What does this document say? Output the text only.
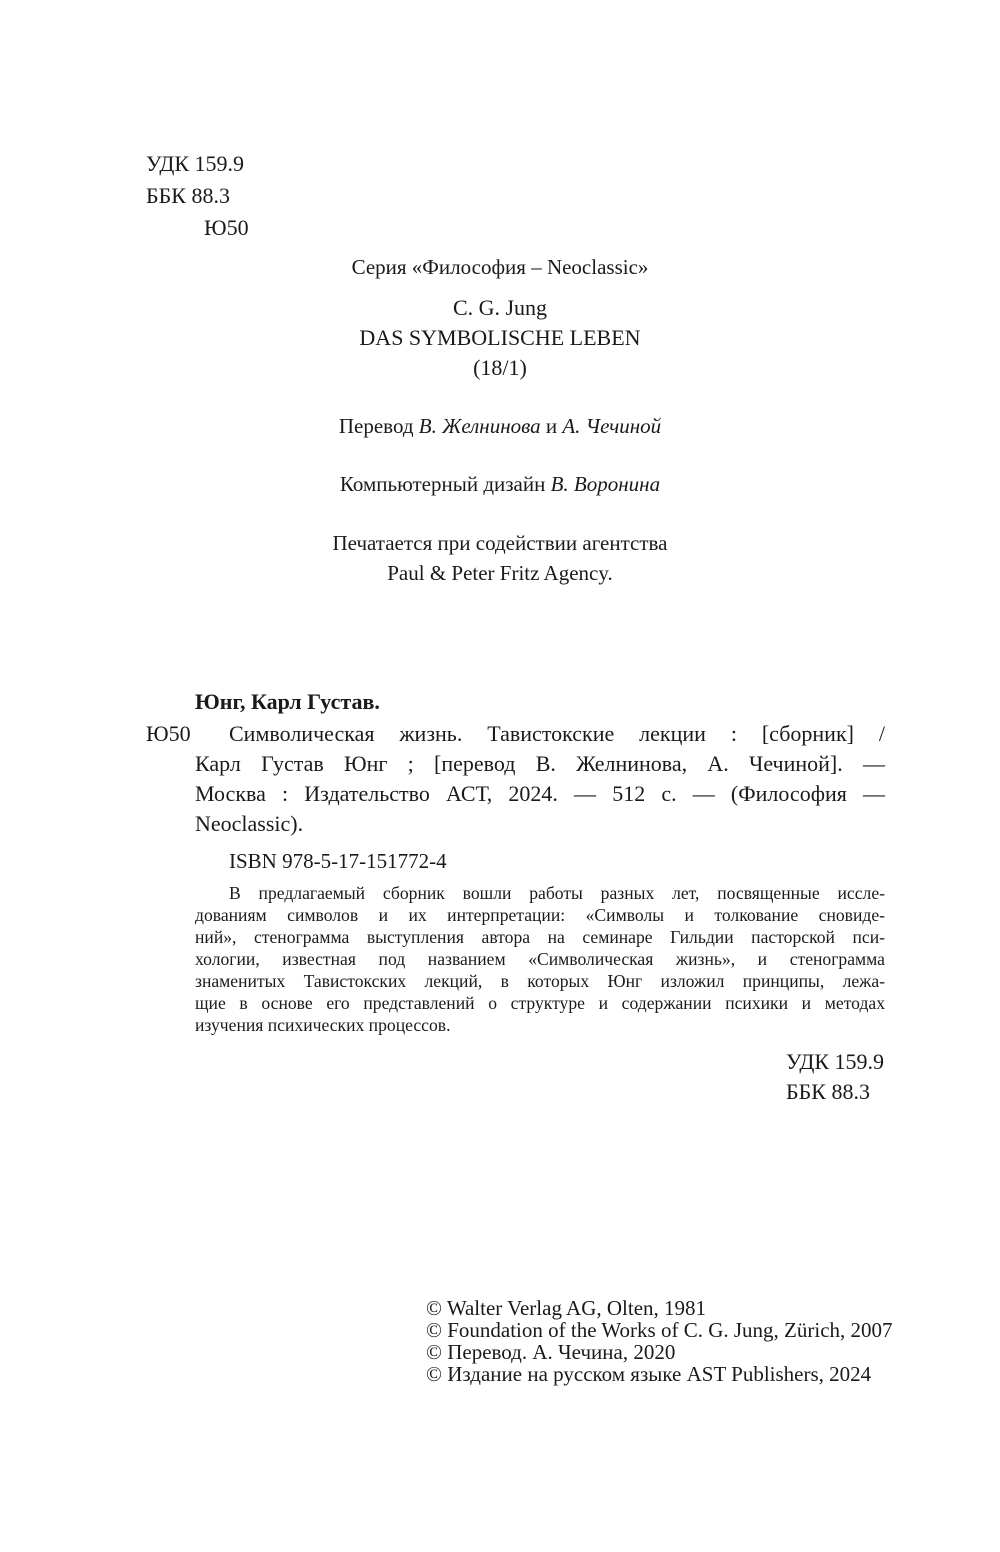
УДК 159.9
ББК 88.3
Ю50
Серия «Философия – Neoclassic»
C. G. Jung
DAS SYMBOLISCHE LEBEN
(18/1)
Перевод В. Желнинова и А. Чечиной
Компьютерный дизайн В. Воронина
Печатается при содействии агентства
Paul & Peter Fritz Agency.
Юнг, Карл Густав.
Ю50 Символическая жизнь. Тавистокские лекции : [сборник] /
Карл Густав Юнг ; [перевод В. Желнинова, А. Чечиной]. —
Москва : Издательство АСТ, 2024. — 512 с. — (Философия —
Neoclassic).
ISBN 978-5-17-151772-4
В предлагаемый сборник вошли работы разных лет, посвященные иссле-
дованиям символов и их интерпретации: «Символы и толкование сновиде-
ний», стенограмма выступления автора на семинаре Гильдии пасторской пси-
хологии, известная под названием «Символическая жизнь», и стенограмма
знаменитых Тавистокских лекций, в которых Юнг изложил принципы, лежа-
щие в основе его представлений о структуре и содержании психики и методах
изучения психических процессов.
УДК 159.9
ББК 88.3
© Walter Verlag AG, Olten, 1981
© Foundation of the Works of C. G. Jung, Zürich, 2007
© Перевод. А. Чечина, 2020
© Издание на русском языке AST Publishers, 2024
